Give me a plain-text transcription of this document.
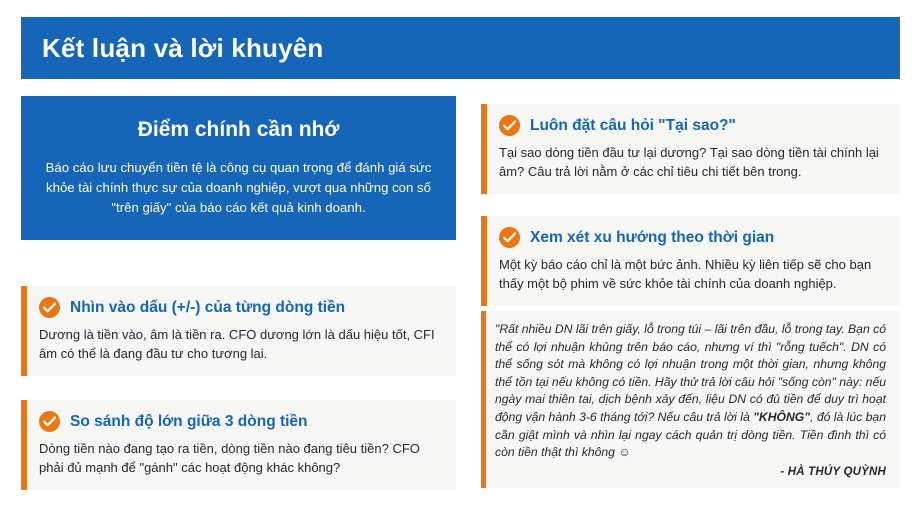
Kết luận và lời khuyên
Điểm chính cần nhớ
Báo cáo lưu chuyển tiền tệ là công cụ quan trọng để đánh giá sức khỏe tài chính thực sự của doanh nghiệp, vượt qua những con số "trên giấy" của báo cáo kết quả kinh doanh.
Nhìn vào dấu (+/-) của từng dòng tiền
Dương là tiền vào, âm là tiền ra. CFO dương lớn là dấu hiệu tốt, CFI âm có thể là đang đầu tư cho tương lai.
So sánh độ lớn giữa 3 dòng tiền
Dòng tiền nào đang tạo ra tiền, dòng tiền nào đang tiêu tiền? CFO phải đủ mạnh để "gánh" các hoạt động khác không?
Luôn đặt câu hỏi "Tại sao?"
Tại sao dòng tiền đầu tư lại dương? Tại sao dòng tiền tài chính lại âm? Câu trả lời nằm ở các chỉ tiêu chi tiết bên trong.
Xem xét xu hướng theo thời gian
Một kỳ báo cáo chỉ là một bức ảnh. Nhiều kỳ liên tiếp sẽ cho bạn thấy một bộ phim về sức khỏe tài chính của doanh nghiệp.
"Rất nhiều DN lãi trên giấy, lỗ trong túi – lãi trên đầu, lỗ trong tay. Bạn có thể có lợi nhuận khủng trên báo cáo, nhưng ví thì "rỗng tuếch". DN có thể sống sót mà không có lợi nhuận trong một thời gian, nhưng không thể tồn tại nếu không có tiền. Hãy thử trả lời câu hỏi "sống còn" này: nếu ngày mai thiên tai, dịch bệnh xảy đến, liệu DN có đủ tiền để duy trì hoạt động vận hành 3-6 tháng tới? Nếu câu trả lời là "KHÔNG", đó là lúc bạn cần giật mình và nhìn lại ngay cách quản trị dòng tiền. Tiền đình thì có còn tiền thật thì không ☺
- HÀ THÚY QUỲNH
